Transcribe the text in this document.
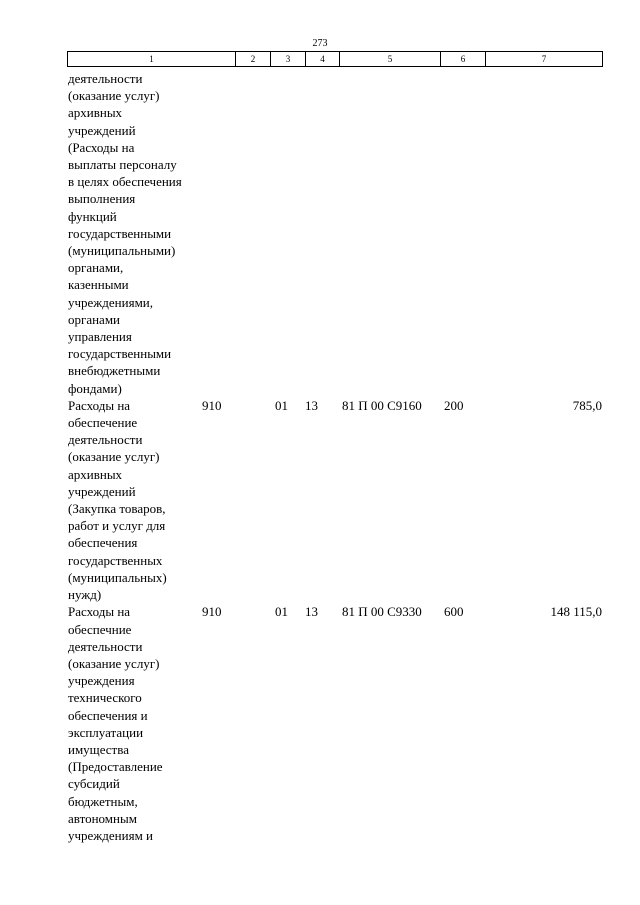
273
1	2	3	4	5	6	7
деятельности
(оказание услуг)
архивных
учреждений
(Расходы на
выплаты персоналу
в целях обеспечения
выполнения
функций
государственными
(муниципальными)
органами,
казенными
учреждениями,
органами
управления
государственными
внебюджетными
фондами)
Расходы на
обеспечение
деятельности
(оказание услуг)
архивных
учреждений
(Закупка товаров,
работ и услуг для
обеспечения
государственных
(муниципальных)
нужд)
910	01 13 81 П 00 С9160 200	785,0
Расходы на
обеспечние
деятельности
(оказание услуг)
учреждения
технического
обеспечения и
эксплуатации
имущества
(Предоставление
субсидий
бюджетным,
автономным
учреждениям и
910	01 13 81 П 00 С9330 600	148 115,0
